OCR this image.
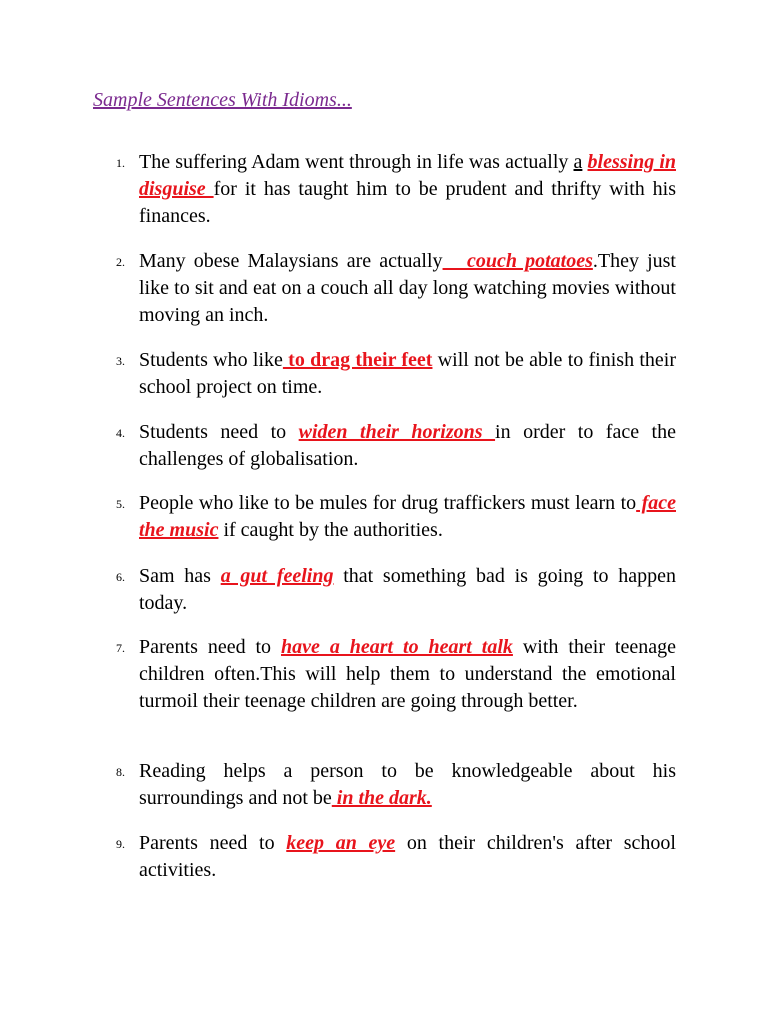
Sample Sentences With Idioms...
1. The suffering Adam went through in life was actually a blessing in disguise for it has taught him to be prudent and thrifty with his finances.

2. Many obese Malaysians are actually   couch potatoes.They just like to sit and eat on a couch all day long watching movies without moving an inch.

3. Students who like to drag their feet will not be able to finish their school project on time.

4. Students need to widen their horizons in order to face the challenges of globalisation.

5. People who like to be mules for drug traffickers must learn to face the music if caught by the authorities.

6. Sam has a gut feeling that something bad is going to happen today.

7. Parents need to have a heart to heart talk with their teenage children often.This will help them to understand the emotional turmoil their teenage children are going through better.

8. Reading helps a person to be knowledgeable about his surroundings and not be in the dark.

9. Parents need to keep an eye on their children's after school activities.
